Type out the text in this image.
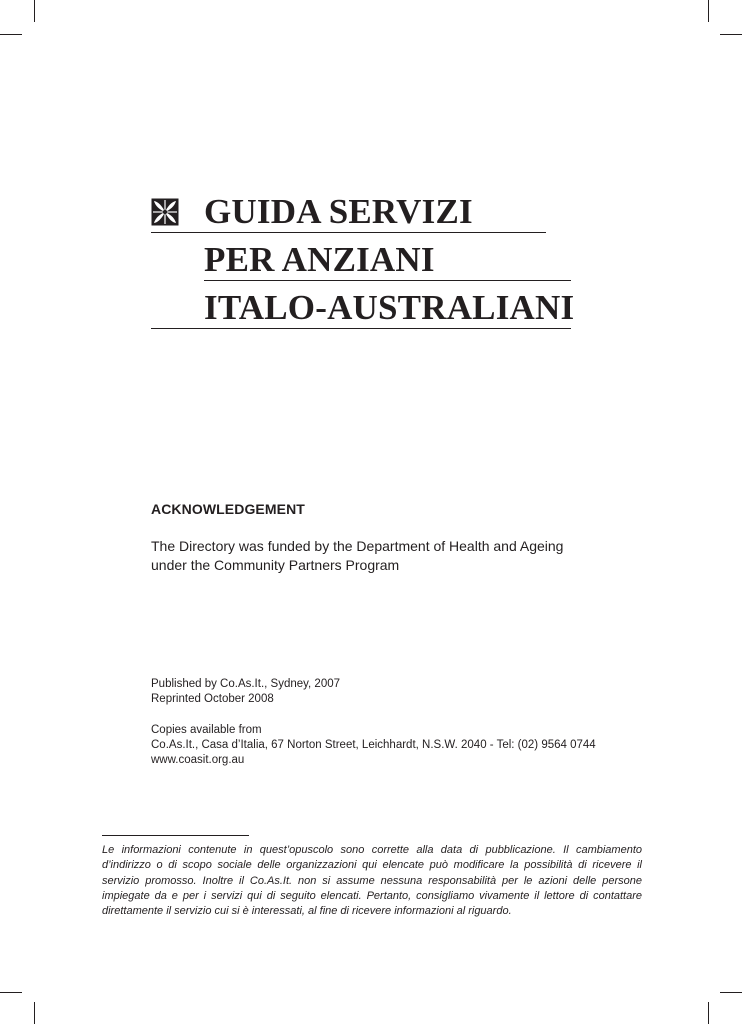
GUIDA SERVIZI
PER ANZIANI
ITALO-AUSTRALIANI
ACKNOWLEDGEMENT
The Directory was funded by the Department of Health and Ageing
under the Community Partners Program
Published by Co.As.It., Sydney, 2007
Reprinted October 2008
Copies available from
Co.As.It., Casa d’Italia, 67 Norton Street, Leichhardt, N.S.W. 2040 - Tel: (02) 9564 0744
www.coasit.org.au
Le informazioni contenute in quest’opuscolo sono corrette alla data di pubblicazione. Il cambiamento d’indirizzo o di scopo sociale delle organizzazioni qui elencate può modificare la possibilità di ricevere il servizio promosso. Inoltre il Co.As.It. non si assume nessuna responsabilità per le azioni delle persone impiegate da e per i servizi qui di seguito elencati. Pertanto, consigliamo vivamente il lettore di contattare direttamente il servizio cui si è interessati, al fine di ricevere informazioni al riguardo.
